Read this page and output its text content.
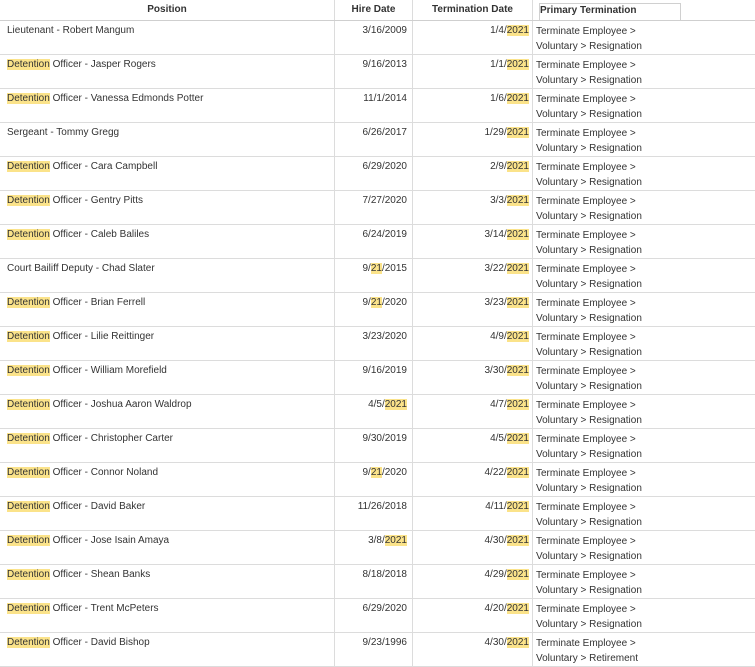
Position	Hire Date	Termination Date	Primary Termination
Lieutenant - Robert Mangum	3/16/2009	1/4/2021 Terminate Employee >
Voluntary > Resignation
Detention Officer - Jasper Rogers	9/16/2013	1/1/2021 Terminate Employee >
Voluntary > Resignation
Detention Officer - Vanessa Edmonds Potter	11/1/2014	1/6/2021 Terminate Employee >
Voluntary > Resignation
Sergeant - Tommy Gregg	6/26/2017	1/29/2021 Terminate Employee >
Voluntary > Resignation
Detention Officer - Cara Campbell	6/29/2020	2/9/2021 Terminate Employee >
Voluntary > Resignation
Detention Officer - Gentry Pitts	7/27/2020	3/3/2021 Terminate Employee >
Voluntary > Resignation
Detention Officer - Caleb Baliles	6/24/2019	3/14/2021 Terminate Employee >
Voluntary > Resignation
Court Bailiff Deputy - Chad Slater	9/21/2015	3/22/2021 Terminate Employee >
Voluntary > Resignation
Detention Officer - Brian Ferrell	9/21/2020	3/23/2021 Terminate Employee >
Voluntary > Resignation
Detention Officer - Lilie Reittinger	3/23/2020	4/9/2021 Terminate Employee >
Voluntary > Resignation
Detention Officer - William Morefield	9/16/2019	3/30/2021 Terminate Employee >
Voluntary > Resignation
Detention Officer - Joshua Aaron Waldrop	4/5/2021	4/7/2021 Terminate Employee >
Voluntary > Resignation
Detention Officer - Christopher Carter	9/30/2019	4/5/2021 Terminate Employee >
Voluntary > Resignation
Detention Officer - Connor Noland	9/21/2020	4/22/2021 Terminate Employee >
Voluntary > Resignation
Detention Officer - David Baker	11/26/2018	4/11/2021 Terminate Employee >
Voluntary > Resignation
Detention Officer - Jose Isain Amaya	3/8/2021	4/30/2021 Terminate Employee >
Voluntary > Resignation
Detention Officer - Shean Banks	8/18/2018	4/29/2021 Terminate Employee >
Voluntary > Resignation
Detention Officer - Trent McPeters	6/29/2020	4/20/2021 Terminate Employee >
Voluntary > Resignation
Detention Officer - David Bishop	9/23/1996	4/30/2021 Terminate Employee >
Voluntary > Retirement
